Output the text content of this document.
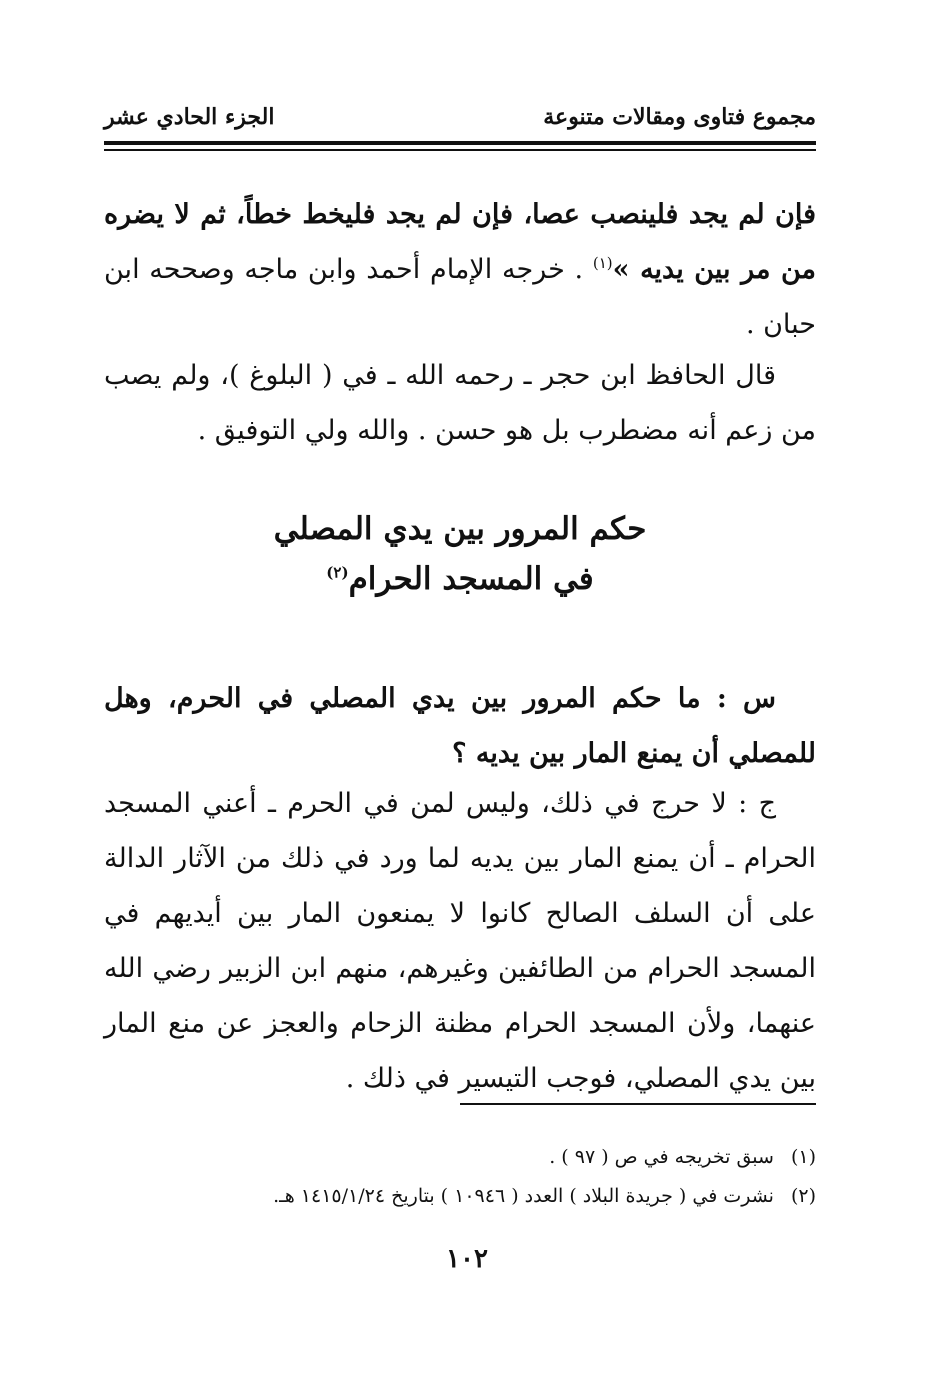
مجموع فتاوى ومقالات متنوعة
الجزء الحادي عشر

فإن لم يجد فلينصب عصا، فإن لم يجد فليخط خطاً، ثم لا يضره من مر بين يديه »$^{(١)}$ . خرجه الإمام أحمد وابن ماجه وصححه ابن حبان .

قال الحافظ ابن حجر ـ رحمه الله ـ في ( البلوغ )، ولم يصب من زعم أنه مضطرب بل هو حسن . والله ولي التوفيق .

حكم المرور بين يدي المصلي
في المسجد الحرام$^{(٢)}$

س : ما حكم المرور بين يدي المصلي في الحرم، وهل للمصلي أن يمنع المار بين يديه ؟

ج : لا حرج في ذلك، وليس لمن في الحرم ـ أعني المسجد الحرام ـ أن يمنع المار بين يديه لما ورد في ذلك من الآثار الدالة على أن السلف الصالح كانوا لا يمنعون المار بين أيديهم في المسجد الحرام من الطائفين وغيرهم، منهم ابن الزبير رضي الله عنهما، ولأن المسجد الحرام مظنة الزحام والعجز عن منع المار بين يدي المصلي، فوجب التيسير في ذلك .

(١) سبق تخريجه في ص ( ٩٧ ) .
(٢) نشرت في ( جريدة البلاد ) العدد ( ١٠٩٤٦ ) بتاريخ ١٤١٥/١/٢٤ هـ.
١٠٢
